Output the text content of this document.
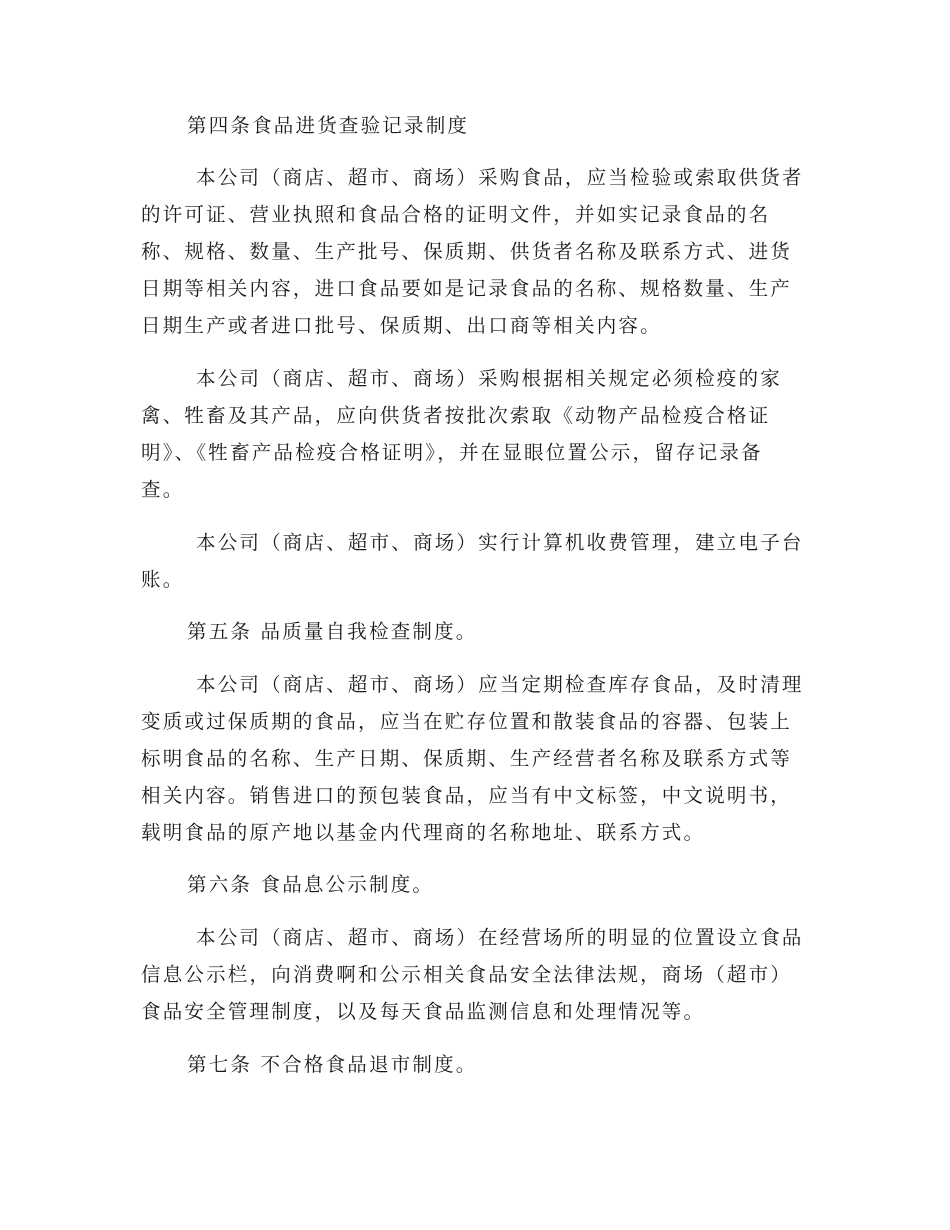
第四条食品进货查验记录制度
本公司（商店、超市、商场）采购食品，应当检验或索取供货者
的许可证、营业执照和食品合格的证明文件，并如实记录食品的名
称、规格、数量、生产批号、保质期、供货者名称及联系方式、进货
日期等相关内容，进口食品要如是记录食品的名称、规格数量、生产
日期生产或者进口批号、保质期、出口商等相关内容。
本公司（商店、超市、商场）采购根据相关规定必须检疫的家
禽、牲畜及其产品，应向供货者按批次索取《动物产品检疫合格证
明》、《牲畜产品检疫合格证明》，并在显眼位置公示，留存记录备
查。
本公司（商店、超市、商场）实行计算机收费管理，建立电子台
账。
第五条 品质量自我检查制度。
本公司（商店、超市、商场）应当定期检查库存食品，及时清理
变质或过保质期的食品，应当在贮存位置和散装食品的容器、包装上
标明食品的名称、生产日期、保质期、生产经营者名称及联系方式等
相关内容。销售进口的预包装食品，应当有中文标签，中文说明书，
载明食品的原产地以基金内代理商的名称地址、联系方式。
第六条 食品息公示制度。
本公司（商店、超市、商场）在经营场所的明显的位置设立食品
信息公示栏，向消费啊和公示相关食品安全法律法规，商场（超市）
食品安全管理制度，以及每天食品监测信息和处理情况等。
第七条 不合格食品退市制度。
